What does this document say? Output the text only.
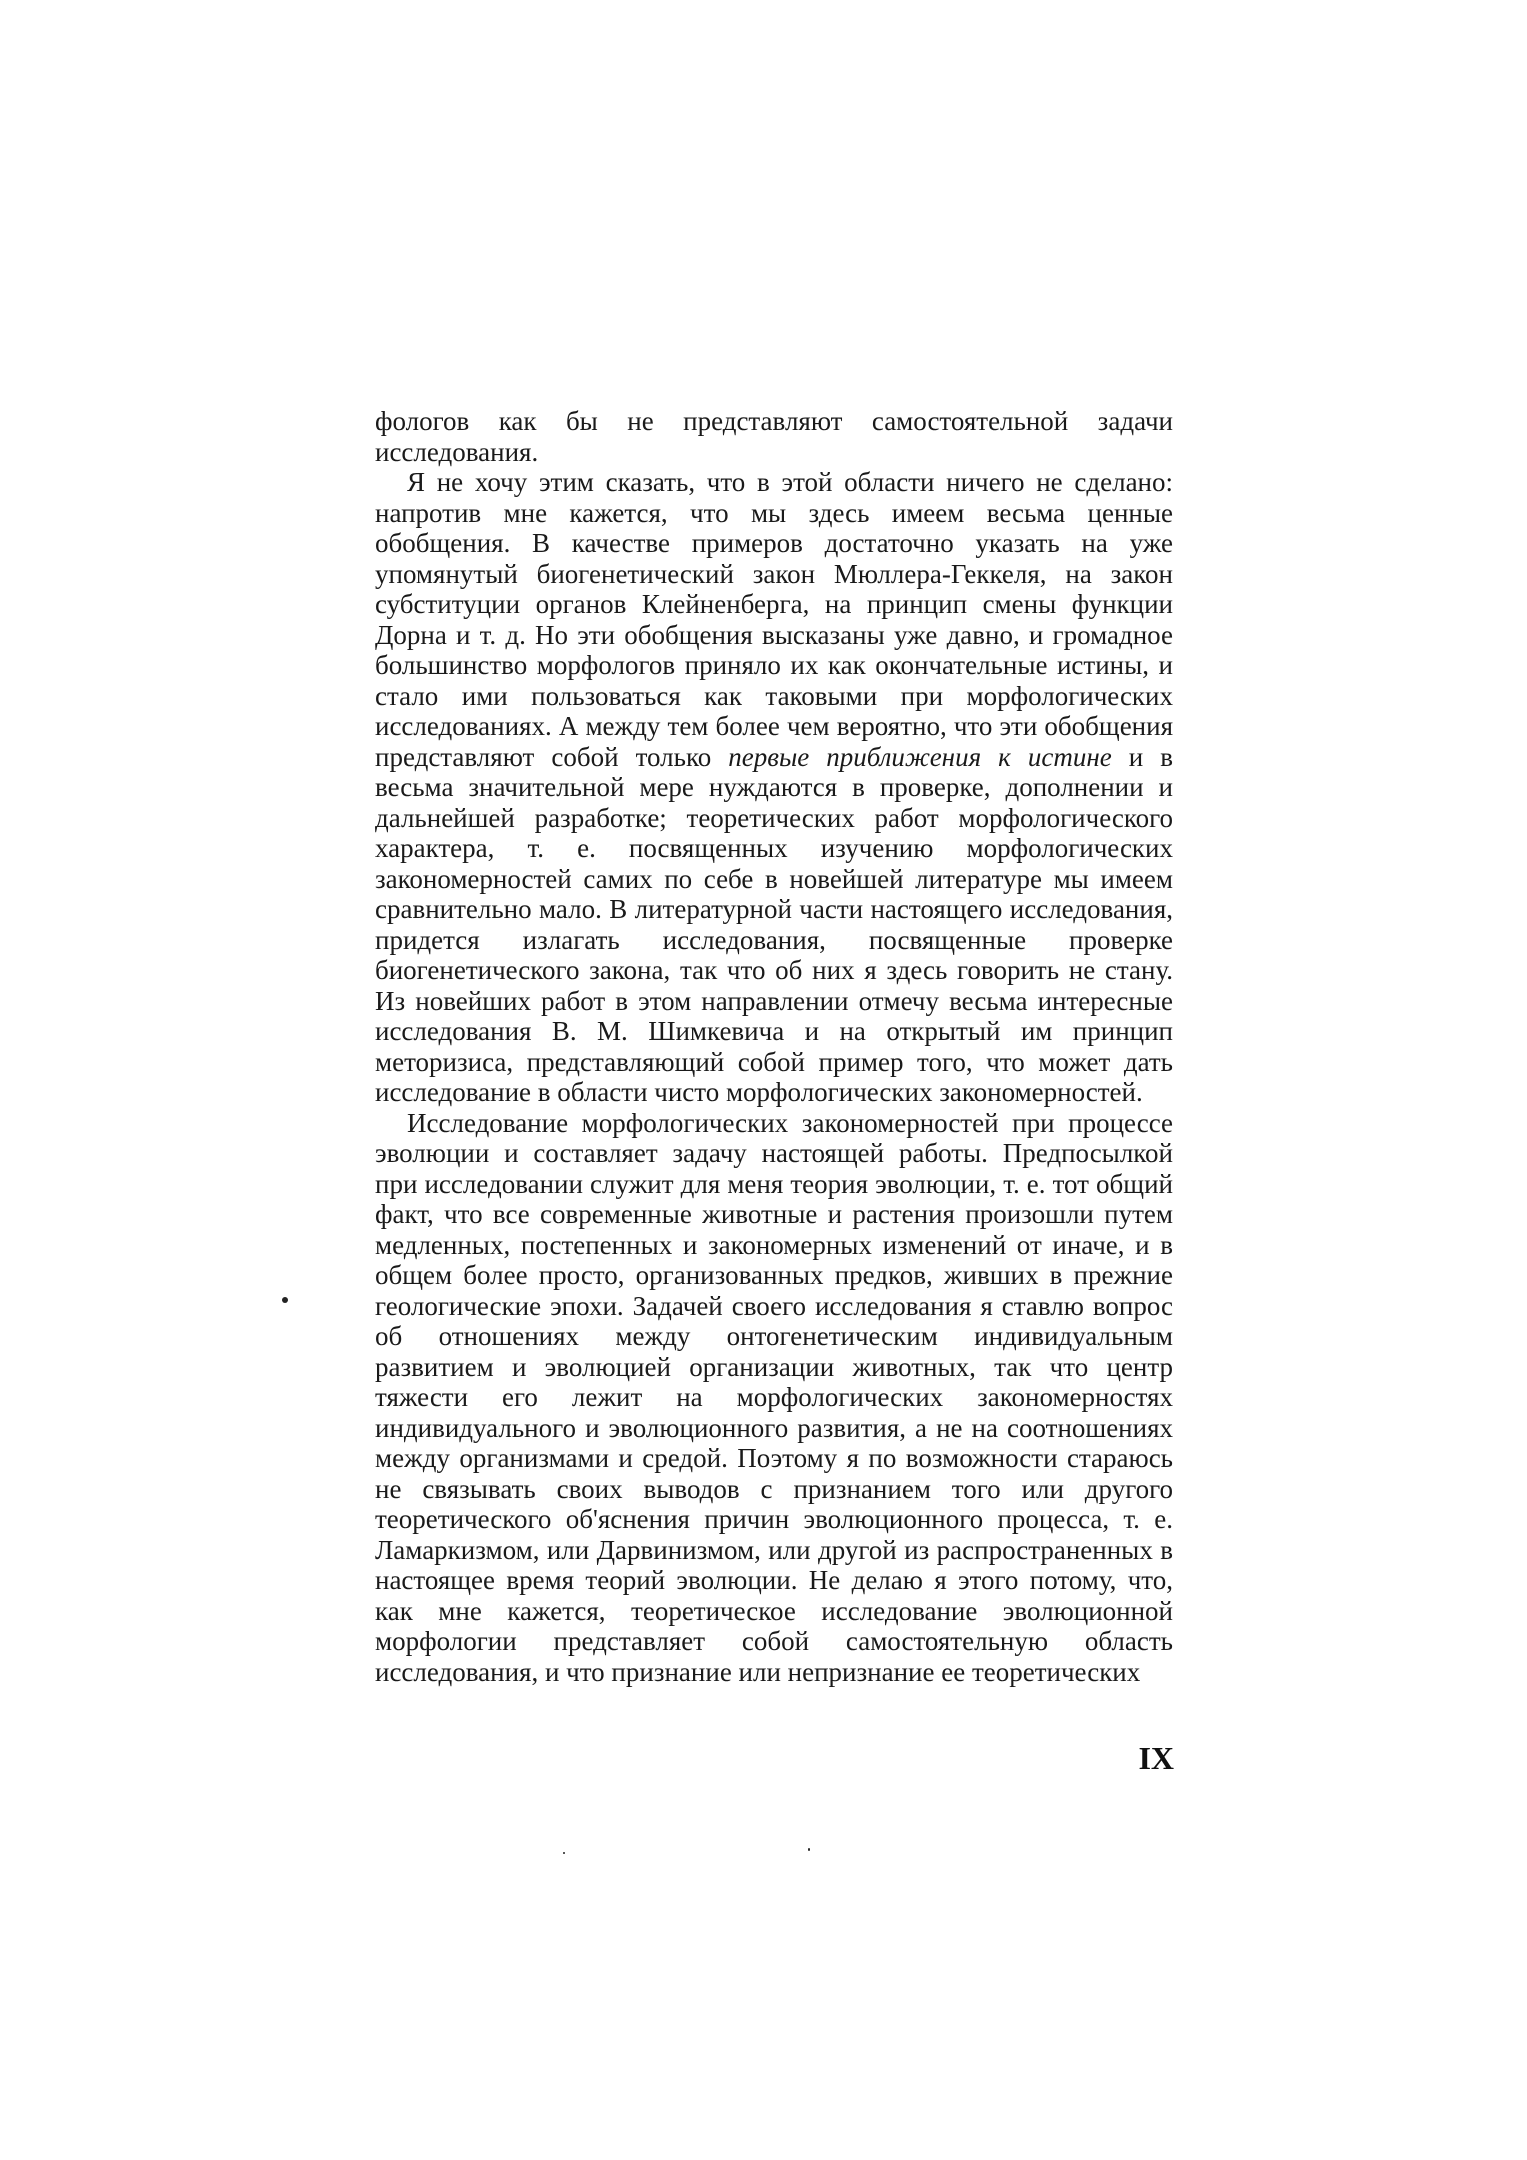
фологов как бы не представляют самостоятельной задачи исследования.

Я не хочу этим сказать, что в этой области ничего не сделано: напротив мне кажется, что мы здесь имеем весьма ценные обобщения. В качестве примеров достаточно указать на уже упомянутый биогенетический закон Мюллера-Геккеля, на закон субституции органов Клейненберга, на принцип смены функции Дорна и т. д. Но эти обобщения высказаны уже давно, и громадное большинство морфологов приняло их как окончательные истины, и стало ими пользоваться как таковыми при морфологических исследованиях. А между тем более чем вероятно, что эти обобщения представляют собой только первые приближения к истине и в весьма значительной мере нуждаются в проверке, дополнении и дальнейшей разработке; теоретических работ морфологического характера, т. е. посвященных изучению морфологических закономерностей самих по себе в новейшей литературе мы имеем сравнительно мало. В литературной части настоящего исследования, придется излагать исследования, посвященные проверке биогенетического закона, так что об них я здесь говорить не стану. Из новейших работ в этом направлении отмечу весьма интересные исследования В. М. Шимкевича и на открытый им принцип меторизиса, представляющий собой пример того, что может дать исследование в области чисто морфологических закономерностей.

Исследование морфологических закономерностей при процессе эволюции и составляет задачу настоящей работы. Предпосылкой при исследовании служит для меня теория эволюции, т. е. тот общий факт, что все современные животные и растения произошли путем медленных, постепенных и закономерных изменений от иначе, и в общем более просто, организованных предков, живших в прежние геологические эпохи. Задачей своего исследования я ставлю вопрос об отношениях между онтогенетическим индивидуальным развитием и эволюцией организации животных, так что центр тяжести его лежит на морфологических закономерностях индивидуального и эволюционного развития, а не на соотношениях между организмами и средой. Поэтому я по возможности стараюсь не связывать своих выводов с признанием того или другого теоретического об'яснения причин эволюционного процесса, т. е. Ламаркизмом, или Дарвинизмом, или другой из распространенных в настоящее время теорий эволюции. Не делаю я этого потому, что, как мне кажется, теоретическое исследование эволюционной морфологии представляет собой самостоятельную область исследования, и что признание или непризнание ее теоретических

IX
